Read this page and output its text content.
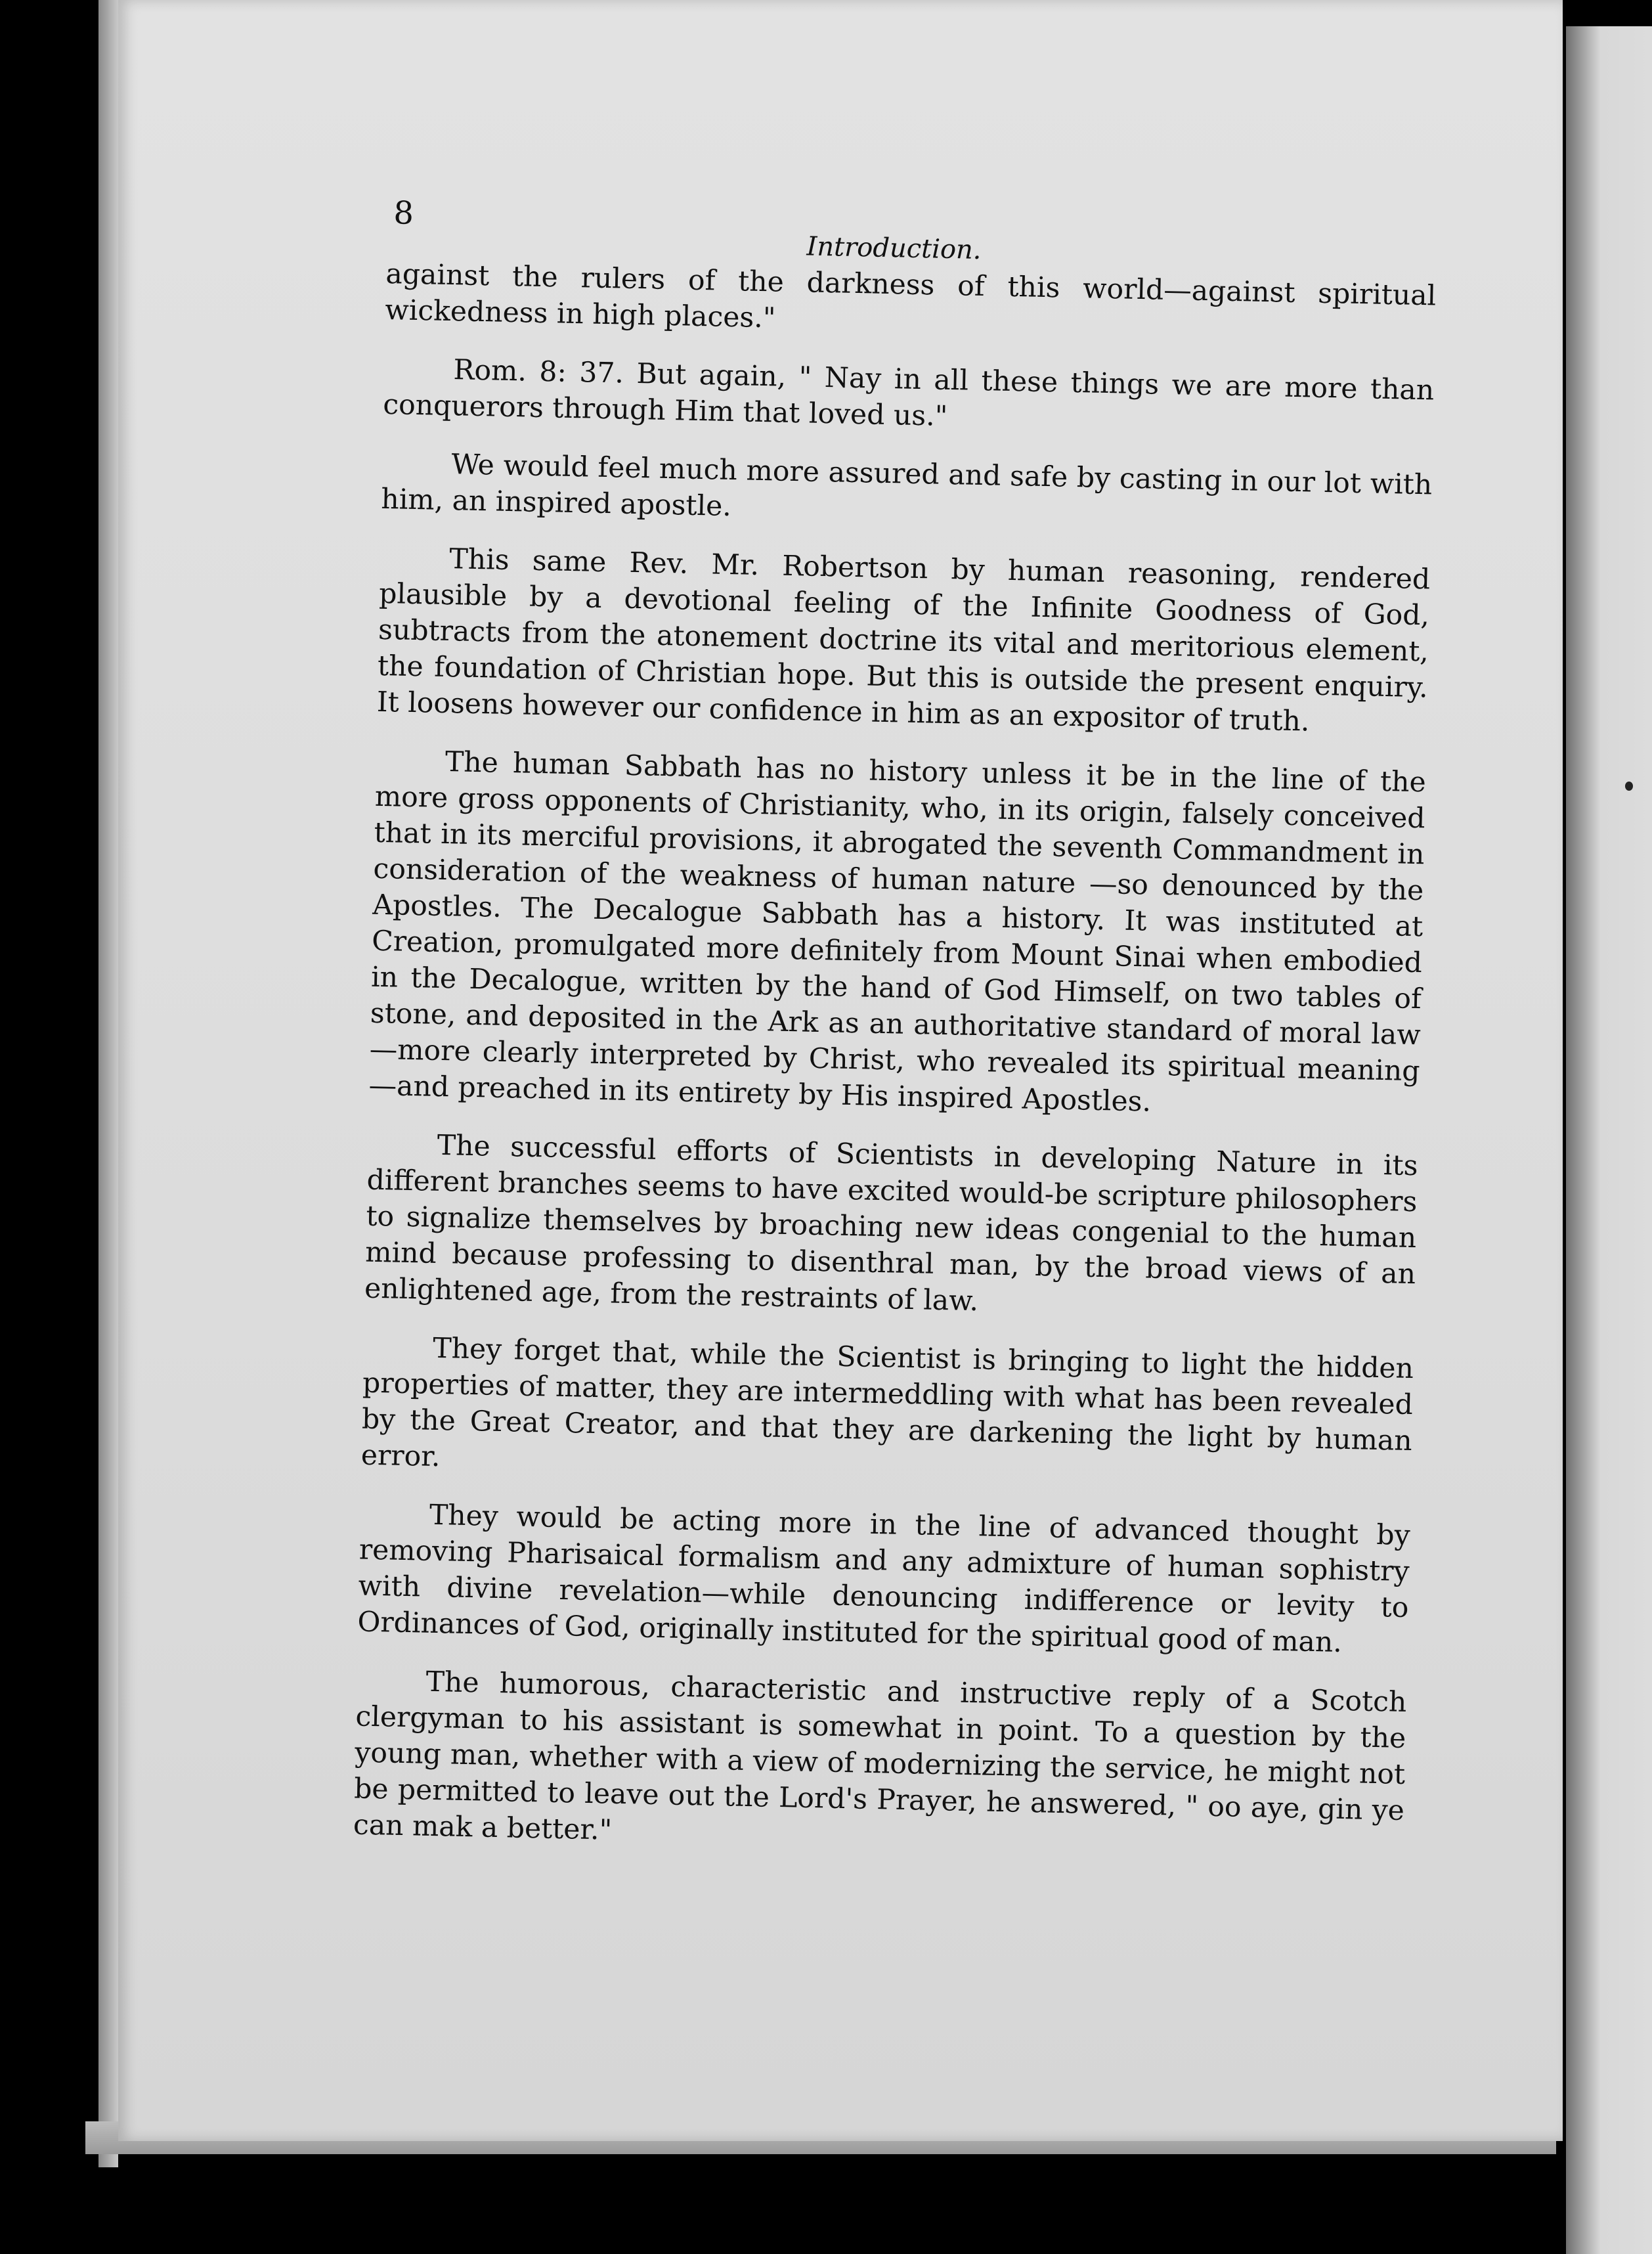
8
Introduction.

against the rulers of the darkness of this world—against spiritual wickedness in high places."

Rom. 8: 37. But again, " Nay in all these things we are more than conquerors through Him that loved us."

We would feel much more assured and safe by casting in our lot with him, an inspired apostle.

This same Rev. Mr. Robertson by human reasoning, rendered plausible by a devotional feeling of the Infinite Goodness of God, subtracts from the atonement doctrine its vital and meritorious element, the foundation of Christian hope. But this is outside the present enquiry. It loosens however our confidence in him as an expositor of truth.

The human Sabbath has no history unless it be in the line of the more gross opponents of Christianity, who, in its origin, falsely conceived that in its merciful provisions, it abrogated the seventh Commandment in consideration of the weakness of human nature —so denounced by the Apostles. The Decalogue Sabbath has a history. It was instituted at Creation, promulgated more definitely from Mount Sinai when embodied in the Decalogue, written by the hand of God Himself, on two tables of stone, and deposited in the Ark as an authoritative standard of moral law—more clearly interpreted by Christ, who revealed its spiritual meaning—and preached in its entirety by His inspired Apostles.

The successful efforts of Scientists in developing Nature in its different branches seems to have excited would-be scripture philosophers to signalize themselves by broaching new ideas congenial to the human mind because professing to disenthral man, by the broad views of an enlightened age, from the restraints of law.

They forget that, while the Scientist is bringing to light the hidden properties of matter, they are intermeddling with what has been revealed by the Great Creator, and that they are darkening the light by human error.

They would be acting more in the line of advanced thought by removing Pharisaical formalism and any admixture of human sophistry with divine revelation—while denouncing indifference or levity to Ordinances of God, originally instituted for the spiritual good of man.

The humorous, characteristic and instructive reply of a Scotch clergyman to his assistant is somewhat in point. To a question by the young man, whether with a view of modernizing the service, he might not be permitted to leave out the Lord's Prayer, he answered, " oo aye, gin ye can mak a better."
